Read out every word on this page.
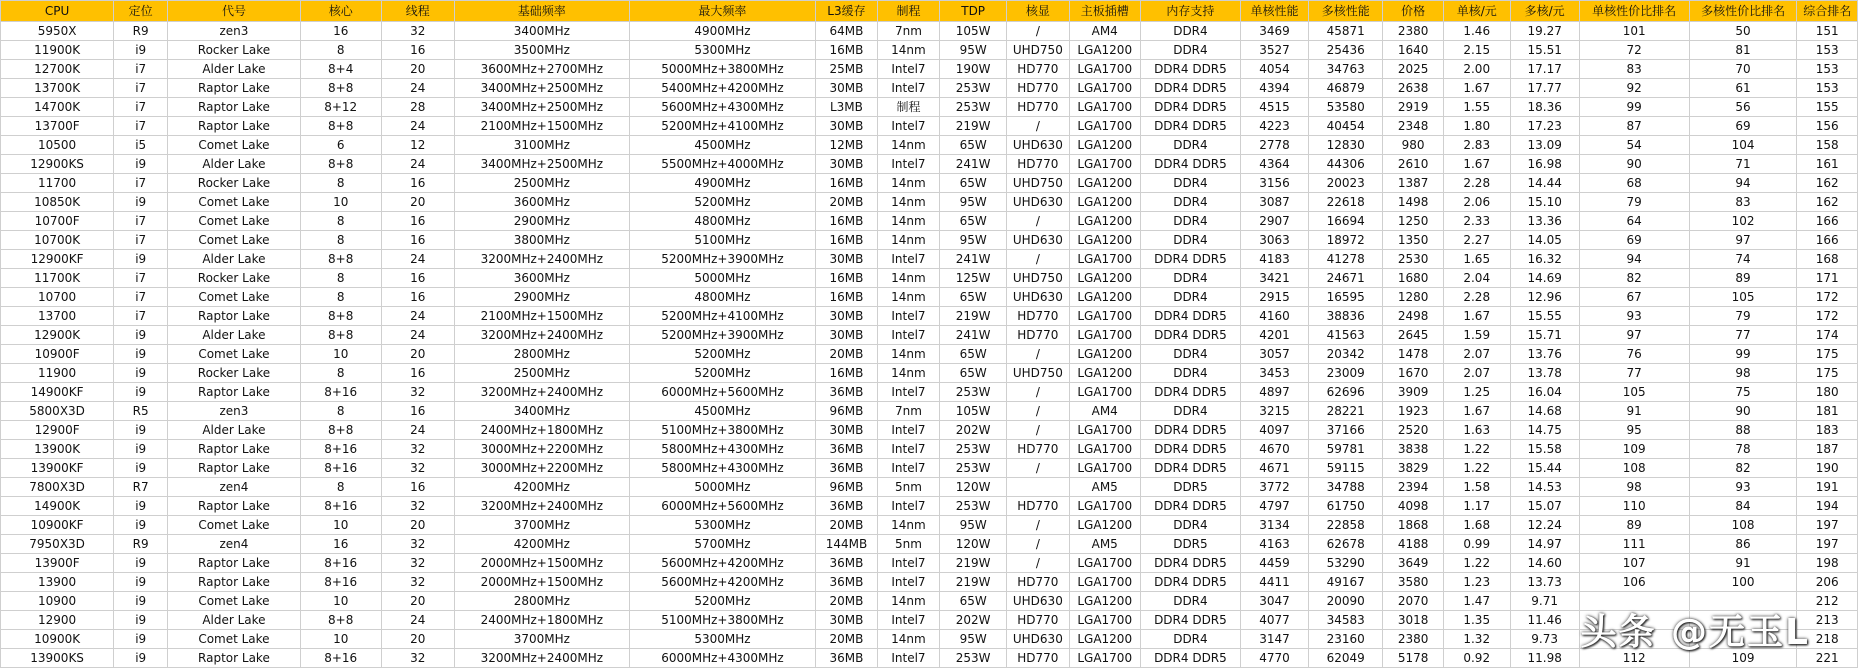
CPU	定位	代号	核心	线程	基础频率	最大频率	L3缓存	制程	TDP	核显	主板插槽	内存支持	单核性能	多核性能	价格	单核/元	多核/元	单核性价比排名	多核性价比排名	综合排名
5950X	R9	zen3	16	32	3400MHz	4900MHz	64MB	7nm	105W	/	AM4	DDR4	3469	45871	2380	1.46	19.27	101	50	151
11900K	i9	Rocker Lake	8	16	3500MHz	5300MHz	16MB	14nm	95W	UHD750	LGA1200	DDR4	3527	25436	1640	2.15	15.51	72	81	153
12700K	i7	Alder Lake	8+4	20	3600MHz+2700MHz	5000MHz+3800MHz	25MB	Intel7	190W	HD770	LGA1700	DDR4 DDR5	4054	34763	2025	2.00	17.17	83	70	153
13700K	i7	Raptor Lake	8+8	24	3400MHz+2500MHz	5400MHz+4200MHz	30MB	Intel7	253W	HD770	LGA1700	DDR4 DDR5	4394	46879	2638	1.67	17.77	92	61	153
14700K	i7	Raptor Lake	8+12	28	3400MHz+2500MHz	5600MHz+4300MHz	L3MB	制程	253W	HD770	LGA1700	DDR4 DDR5	4515	53580	2919	1.55	18.36	99	56	155
13700F	i7	Raptor Lake	8+8	24	2100MHz+1500MHz	5200MHz+4100MHz	30MB	Intel7	219W	/	LGA1700	DDR4 DDR5	4223	40454	2348	1.80	17.23	87	69	156
10500	i5	Comet Lake	6	12	3100MHz	4500MHz	12MB	14nm	65W	UHD630	LGA1200	DDR4	2778	12830	980	2.83	13.09	54	104	158
12900KS	i9	Alder Lake	8+8	24	3400MHz+2500MHz	5500MHz+4000MHz	30MB	Intel7	241W	HD770	LGA1700	DDR4 DDR5	4364	44306	2610	1.67	16.98	90	71	161
11700	i7	Rocker Lake	8	16	2500MHz	4900MHz	16MB	14nm	65W	UHD750	LGA1200	DDR4	3156	20023	1387	2.28	14.44	68	94	162
10850K	i9	Comet Lake	10	20	3600MHz	5200MHz	20MB	14nm	95W	UHD630	LGA1200	DDR4	3087	22618	1498	2.06	15.10	79	83	162
10700F	i7	Comet Lake	8	16	2900MHz	4800MHz	16MB	14nm	65W	/	LGA1200	DDR4	2907	16694	1250	2.33	13.36	64	102	166
10700K	i7	Comet Lake	8	16	3800MHz	5100MHz	16MB	14nm	95W	UHD630	LGA1200	DDR4	3063	18972	1350	2.27	14.05	69	97	166
12900KF	i9	Alder Lake	8+8	24	3200MHz+2400MHz	5200MHz+3900MHz	30MB	Intel7	241W	/	LGA1700	DDR4 DDR5	4183	41278	2530	1.65	16.32	94	74	168
11700K	i7	Rocker Lake	8	16	3600MHz	5000MHz	16MB	14nm	125W	UHD750	LGA1200	DDR4	3421	24671	1680	2.04	14.69	82	89	171
10700	i7	Comet Lake	8	16	2900MHz	4800MHz	16MB	14nm	65W	UHD630	LGA1200	DDR4	2915	16595	1280	2.28	12.96	67	105	172
13700	i7	Raptor Lake	8+8	24	2100MHz+1500MHz	5200MHz+4100MHz	30MB	Intel7	219W	HD770	LGA1700	DDR4 DDR5	4160	38836	2498	1.67	15.55	93	79	172
12900K	i9	Alder Lake	8+8	24	3200MHz+2400MHz	5200MHz+3900MHz	30MB	Intel7	241W	HD770	LGA1700	DDR4 DDR5	4201	41563	2645	1.59	15.71	97	77	174
10900F	i9	Comet Lake	10	20	2800MHz	5200MHz	20MB	14nm	65W	/	LGA1200	DDR4	3057	20342	1478	2.07	13.76	76	99	175
11900	i9	Rocker Lake	8	16	2500MHz	5200MHz	16MB	14nm	65W	UHD750	LGA1200	DDR4	3453	23009	1670	2.07	13.78	77	98	175
14900KF	i9	Raptor Lake	8+16	32	3200MHz+2400MHz	6000MHz+5600MHz	36MB	Intel7	253W	/	LGA1700	DDR4 DDR5	4897	62696	3909	1.25	16.04	105	75	180
5800X3D	R5	zen3	8	16	3400MHz	4500MHz	96MB	7nm	105W	/	AM4	DDR4	3215	28221	1923	1.67	14.68	91	90	181
12900F	i9	Alder Lake	8+8	24	2400MHz+1800MHz	5100MHz+3800MHz	30MB	Intel7	202W	/	LGA1700	DDR4 DDR5	4097	37166	2520	1.63	14.75	95	88	183
13900K	i9	Raptor Lake	8+16	32	3000MHz+2200MHz	5800MHz+4300MHz	36MB	Intel7	253W	HD770	LGA1700	DDR4 DDR5	4670	59781	3838	1.22	15.58	109	78	187
13900KF	i9	Raptor Lake	8+16	32	3000MHz+2200MHz	5800MHz+4300MHz	36MB	Intel7	253W	/	LGA1700	DDR4 DDR5	4671	59115	3829	1.22	15.44	108	82	190
7800X3D	R7	zen4	8	16	4200MHz	5000MHz	96MB	5nm	120W		AM5	DDR5	3772	34788	2394	1.58	14.53	98	93	191
14900K	i9	Raptor Lake	8+16	32	3200MHz+2400MHz	6000MHz+5600MHz	36MB	Intel7	253W	HD770	LGA1700	DDR4 DDR5	4797	61750	4098	1.17	15.07	110	84	194
10900KF	i9	Comet Lake	10	20	3700MHz	5300MHz	20MB	14nm	95W	/	LGA1200	DDR4	3134	22858	1868	1.68	12.24	89	108	197
7950X3D	R9	zen4	16	32	4200MHz	5700MHz	144MB	5nm	120W	/	AM5	DDR5	4163	62678	4188	0.99	14.97	111	86	197
13900F	i9	Raptor Lake	8+16	32	2000MHz+1500MHz	5600MHz+4200MHz	36MB	Intel7	219W	/	LGA1700	DDR4 DDR5	4459	53290	3649	1.22	14.60	107	91	198
13900	i9	Raptor Lake	8+16	32	2000MHz+1500MHz	5600MHz+4200MHz	36MB	Intel7	219W	HD770	LGA1700	DDR4 DDR5	4411	49167	3580	1.23	13.73	106	100	206
10900	i9	Comet Lake	10	20	2800MHz	5200MHz	20MB	14nm	65W	UHD630	LGA1200	DDR4	3047	20090	2070	1.47	9.71			212
12900	i9	Alder Lake	8+8	24	2400MHz+1800MHz	5100MHz+3800MHz	30MB	Intel7	202W	HD770	LGA1700	DDR4 DDR5	4077	34583	3018	1.35	11.46			213
10900K	i9	Comet Lake	10	20	3700MHz	5300MHz	20MB	14nm	95W	UHD630	LGA1200	DDR4	3147	23160	2380	1.32	9.73			218
13900KS	i9	Raptor Lake	8+16	32	3200MHz+2400MHz	6000MHz+4300MHz	36MB	Intel7	253W	HD770	LGA1700	DDR4 DDR5	4770	62049	5178	0.92	11.98	112	109	221
头条 @无玉L
